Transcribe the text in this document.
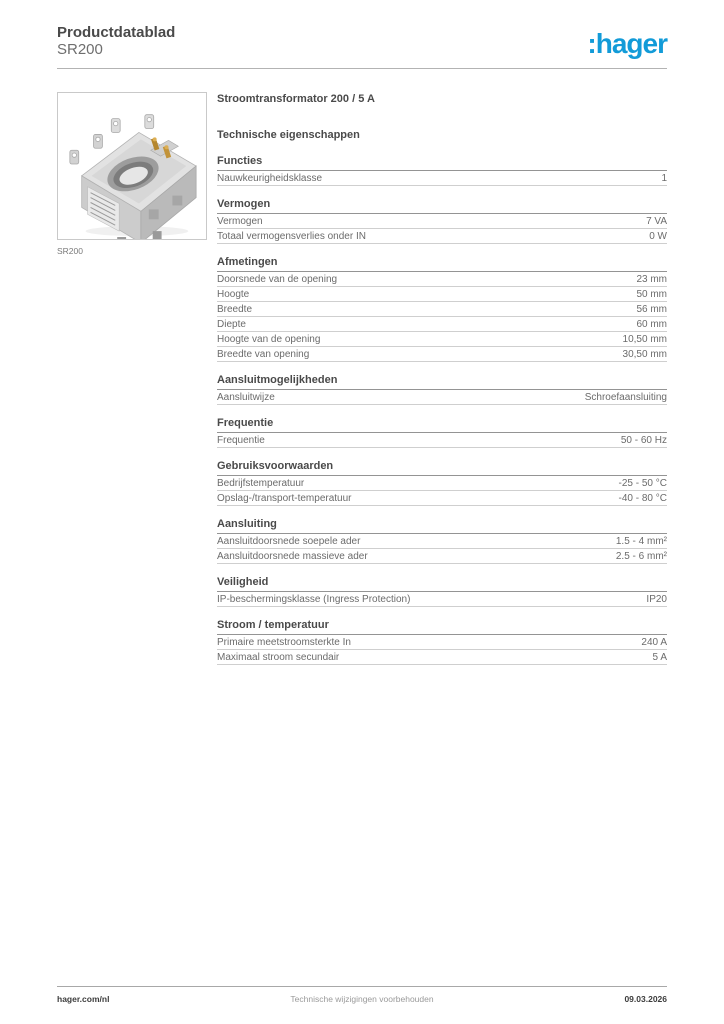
Productdatablad
SR200	:hager
SR200
Stroomtransformator 200 / 5 A
Technische eigenschappen
Functies
Nauwkeurigheidsklasse	1
Vermogen
Vermogen	7 VA
Totaal vermogensverlies onder IN	0 W
Afmetingen
Doorsnede van de opening	23 mm
Hoogte	50 mm
Breedte	56 mm
Diepte	60 mm
Hoogte van de opening	10,50 mm
Breedte van opening	30,50 mm
Aansluitmogelijkheden
Aansluitwijze	Schroefaansluiting
Frequentie
Frequentie	50 - 60 Hz
Gebruiksvoorwaarden
Bedrijfstemperatuur	-25 - 50 °C
Opslag-/transport-temperatuur	-40 - 80 °C
Aansluiting
Aansluitdoorsnede soepele ader	1.5 - 4 mm²
Aansluitdoorsnede massieve ader	2.5 - 6 mm²
Veiligheid
IP-beschermingsklasse (Ingress Protection)	IP20
Stroom / temperatuur
Primaire meetstroomsterkte In	240 A
Maximaal stroom secundair	5 A
hager.com/nl	Technische wijzigingen voorbehouden	09.03.2026
